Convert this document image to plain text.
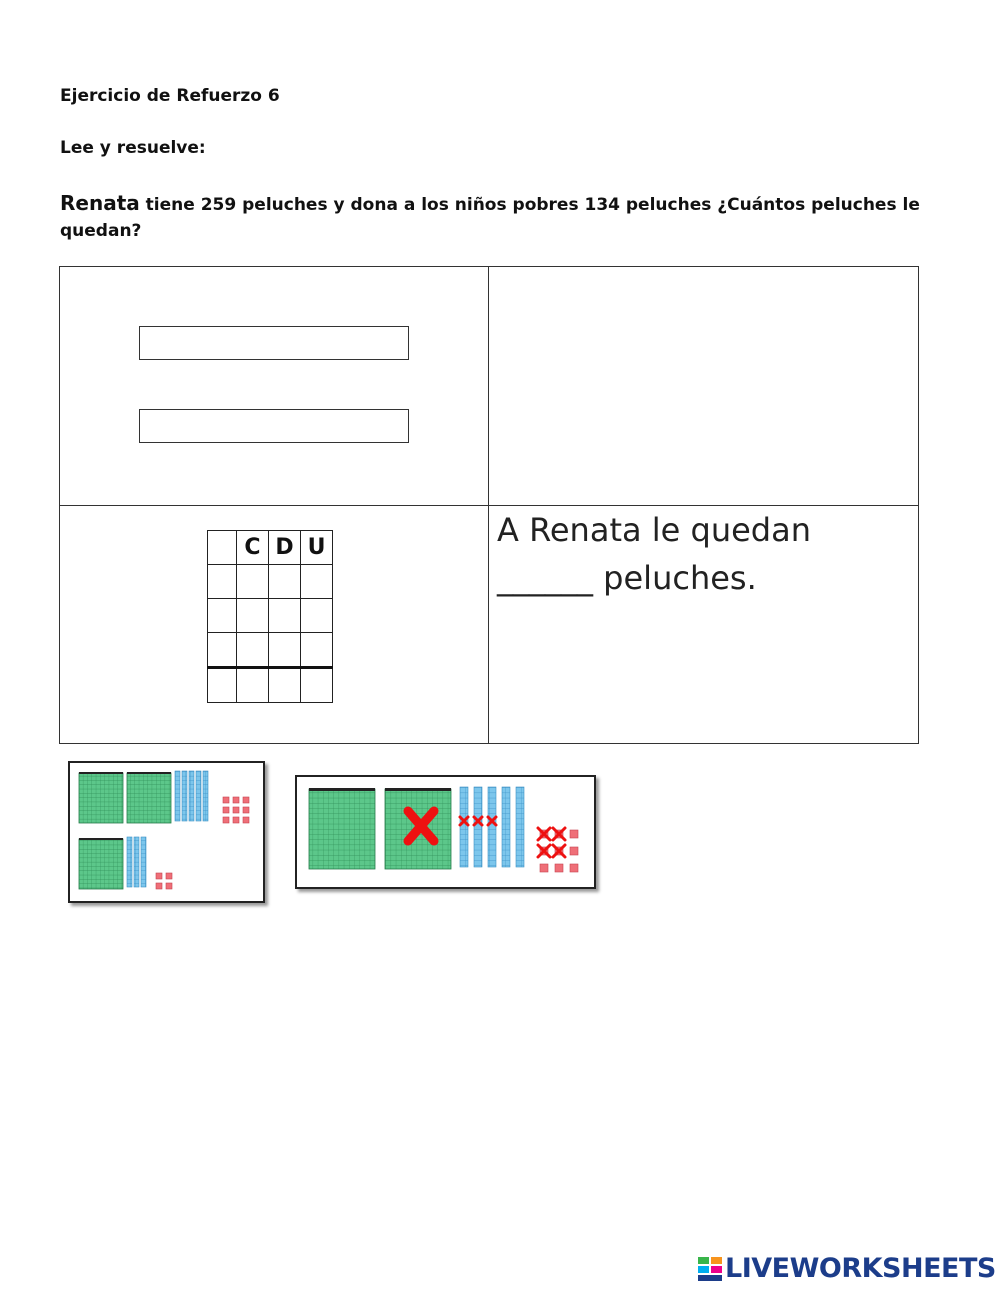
Ejercicio de Refuerzo 6
Lee y resuelve:
Renata tiene 259 peluches y dona a los niños pobres 134 peluches ¿Cuántos peluches le quedan?
	C	D	U

				A Renata le quedan
______ peluches.
LIVEWORKSHEETS
